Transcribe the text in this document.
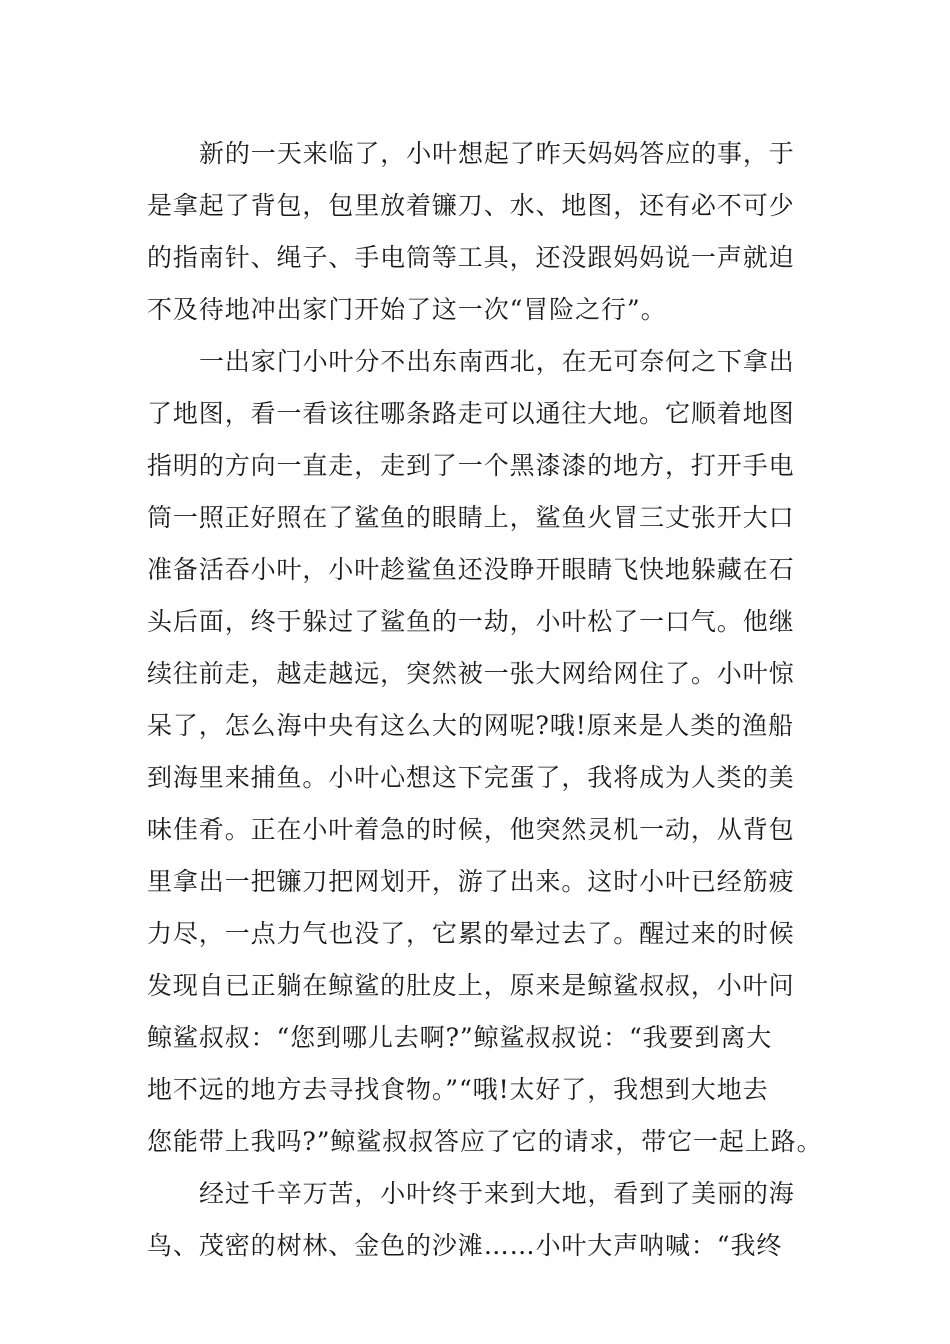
新的一天来临了，小叶想起了昨天妈妈答应的事，于
是拿起了背包，包里放着镰刀、水、地图，还有必不可少
的指南针、绳子、手电筒等工具，还没跟妈妈说一声就迫
不及待地冲出家门开始了这一次“冒险之行”。
一出家门小叶分不出东南西北，在无可奈何之下拿出
了地图，看一看该往哪条路走可以通往大地。它顺着地图
指明的方向一直走，走到了一个黑漆漆的地方，打开手电
筒一照正好照在了鲨鱼的眼睛上，鲨鱼火冒三丈张开大口
准备活吞小叶，小叶趁鲨鱼还没睁开眼睛飞快地躲藏在石
头后面，终于躲过了鲨鱼的一劫，小叶松了一口气。他继
续往前走，越走越远，突然被一张大网给网住了。小叶惊
呆了，怎么海中央有这么大的网呢?哦!原来是人类的渔船
到海里来捕鱼。小叶心想这下完蛋了，我将成为人类的美
味佳肴。正在小叶着急的时候，他突然灵机一动，从背包
里拿出一把镰刀把网划开，游了出来。这时小叶已经筋疲
力尽，一点力气也没了，它累的晕过去了。醒过来的时候
发现自已正躺在鲸鲨的肚皮上，原来是鲸鲨叔叔，小叶问
鲸鲨叔叔：“您到哪儿去啊?”鲸鲨叔叔说：“我要到离大
地不远的地方去寻找食物。”“哦!太好了，我想到大地去
您能带上我吗?”鲸鲨叔叔答应了它的请求，带它一起上路。
经过千辛万苦，小叶终于来到大地，看到了美丽的海
鸟、茂密的树林、金色的沙滩……小叶大声呐喊：“我终
